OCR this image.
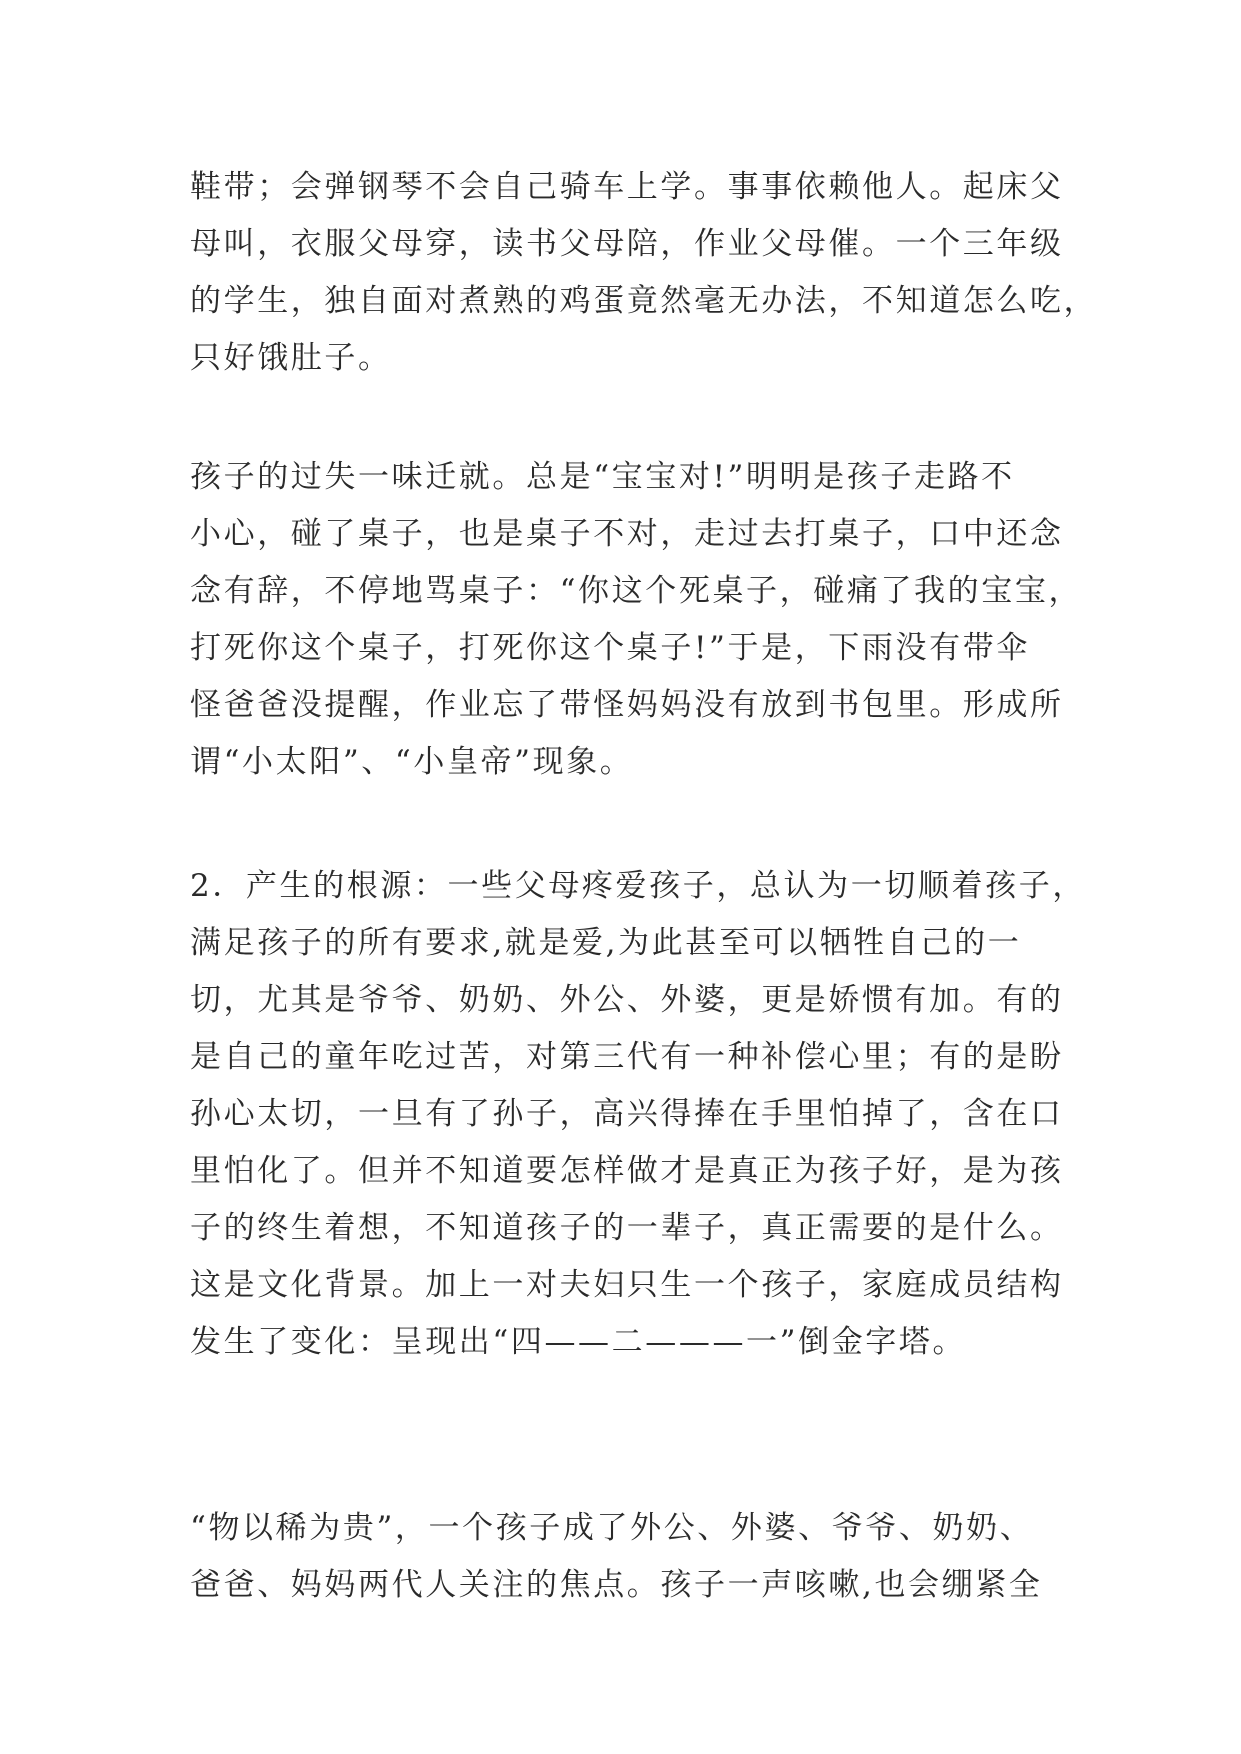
鞋带；会弹钢琴不会自己骑车上学。事事依赖他人。起床父
母叫，衣服父母穿，读书父母陪，作业父母催。一个三年级
的学生，独自面对煮熟的鸡蛋竟然毫无办法，不知道怎么吃，
只好饿肚子。
孩子的过失一味迁就。总是“宝宝对!”明明是孩子走路不
小心，碰了桌子，也是桌子不对，走过去打桌子，口中还念
念有辞，不停地骂桌子：“你这个死桌子，碰痛了我的宝宝，
打死你这个桌子，打死你这个桌子!”于是，下雨没有带伞
怪爸爸没提醒，作业忘了带怪妈妈没有放到书包里。形成所
谓“小太阳”、“小皇帝”现象。
2．产生的根源：一些父母疼爱孩子，总认为一切顺着孩子，
满足孩子的所有要求,就是爱,为此甚至可以牺牲自己的一
切，尤其是爷爷、奶奶、外公、外婆，更是娇惯有加。有的
是自己的童年吃过苦，对第三代有一种补偿心里；有的是盼
孙心太切，一旦有了孙子，高兴得捧在手里怕掉了，含在口
里怕化了。但并不知道要怎样做才是真正为孩子好，是为孩
子的终生着想，不知道孩子的一辈子，真正需要的是什么。
这是文化背景。加上一对夫妇只生一个孩子，家庭成员结构
发生了变化：呈现出“四——二———一”倒金字塔。
“物以稀为贵”，一个孩子成了外公、外婆、爷爷、奶奶、
爸爸、妈妈两代人关注的焦点。孩子一声咳嗽,也会绷紧全
